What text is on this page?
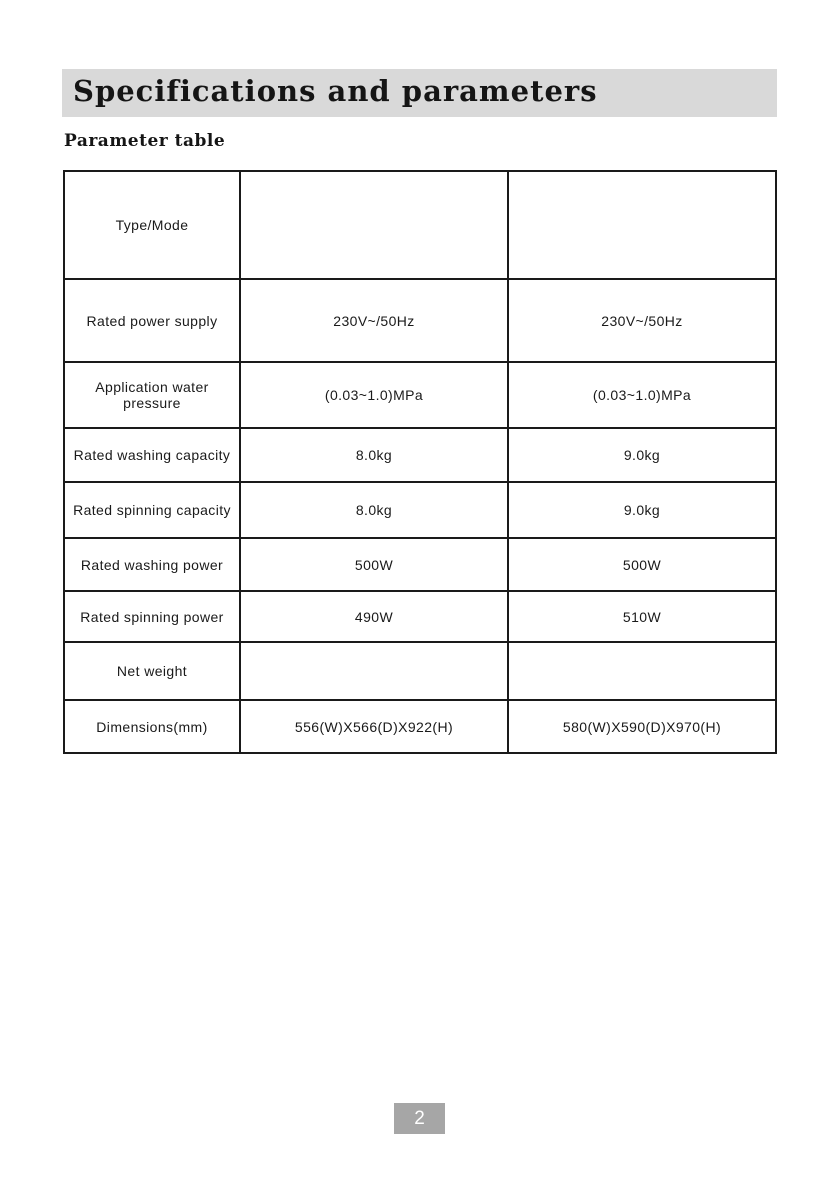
Specifications and parameters
Parameter table
Type/Mode		
Rated power supply	230V~/50Hz	230V~/50Hz
Application water pressure	(0.03~1.0)MPa	(0.03~1.0)MPa
Rated washing capacity	8.0kg	9.0kg
Rated spinning capacity	8.0kg	9.0kg
Rated washing power	500W	500W
Rated spinning power	490W	510W
Net weight		
Dimensions(mm)	556(W)X566(D)X922(H)	580(W)X590(D)X970(H)
2
